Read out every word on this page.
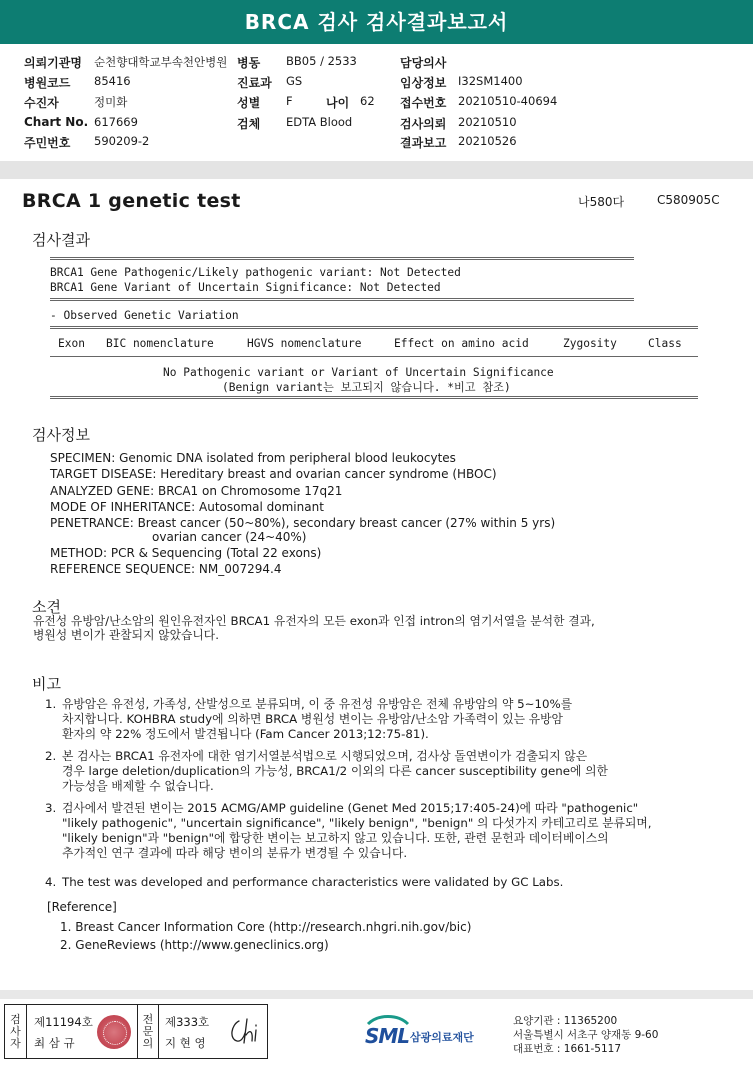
BRCA 검사 검사결과보고서
의뢰기관명 순천향대학교부속천안병원 병동 BB05 / 2533	담당의사
병원코드 85416	진료과 GS	임상정보 I32SM1400
수진자	정미화	성별 F	나이 62 접수번호 20210510-40694
Chart No. 617669	검체 EDTA Blood	검사의뢰 20210510
주민번호 590209-2	결과보고 20210526
BRCA 1 genetic test	나580다	C580905C
검사결과
BRCA1 Gene Pathogenic/Likely pathogenic variant: Not Detected
BRCA1 Gene Variant of Uncertain Significance: Not Detected
- Observed Genetic Variation
Exon BIC nomenclature	HGVS nomenclature	Effect on amino acid	Zygosity	Class
No Pathogenic variant or Variant of Uncertain Significance
(Benign variant는 보고되지 않습니다. *비고 참조)
검사정보
SPECIMEN: Genomic DNA isolated from peripheral blood leukocytes
TARGET DISEASE: Hereditary breast and ovarian cancer syndrome (HBOC)
ANALYZED GENE: BRCA1 on Chromosome 17q21
MODE OF INHERITANCE: Autosomal dominant
PENETRANCE: Breast cancer (50~80%), secondary breast cancer (27% within 5 yrs)
ovarian cancer (24~40%)
METHOD: PCR & Sequencing (Total 22 exons)
REFERENCE SEQUENCE: NM_007294.4
소견
유전성 유방암/난소암의 원인유전자인 BRCA1 유전자의 모든 exon과 인접 intron의 염기서열을 분석한 결과,
병원성 변이가 관찰되지 않았습니다.
비고
1. 유방암은 유전성, 가족성, 산발성으로 분류되며, 이 중 유전성 유방암은 전체 유방암의 약 5~10%를
차지합니다. KOHBRA study에 의하면 BRCA 병원성 변이는 유방암/난소암 가족력이 있는 유방암
환자의 약 22% 정도에서 발견됩니다 (Fam Cancer 2013;12:75-81).
2. 본 검사는 BRCA1 유전자에 대한 염기서열분석법으로 시행되었으며, 검사상 돌연변이가 검출되지 않은
경우 large deletion/duplication의 가능성, BRCA1/2 이외의 다른 cancer susceptibility gene에 의한
가능성을 배제할 수 없습니다.
3. 검사에서 발견된 변이는 2015 ACMG/AMP guideline (Genet Med 2015;17:405-24)에 따라 "pathogenic"
"likely pathogenic", "uncertain significance", "likely benign", "benign" 의 다섯가지 카테고리로 분류되며,
"likely benign"과 "benign"에 합당한 변이는 보고하지 않고 있습니다. 또한, 관련 문헌과 데이터베이스의
추가적인 연구 결과에 따라 해당 변이의 분류가 변경될 수 있습니다.
4. The test was developed and performance characteristics were validated by GC Labs.
[Reference]
1. Breast Cancer Information Core (http://research.nhgri.nih.gov/bic)
2. GeneReviews (http://www.geneclinics.org)
검
사
자
제11194호
최 삼 규
전
문
의
제333호
지 현 영	SML 삼광의료재단
요양기관 : 11365200
서울특별시 서초구 양재동 9-60
대표번호 : 1661-5117
